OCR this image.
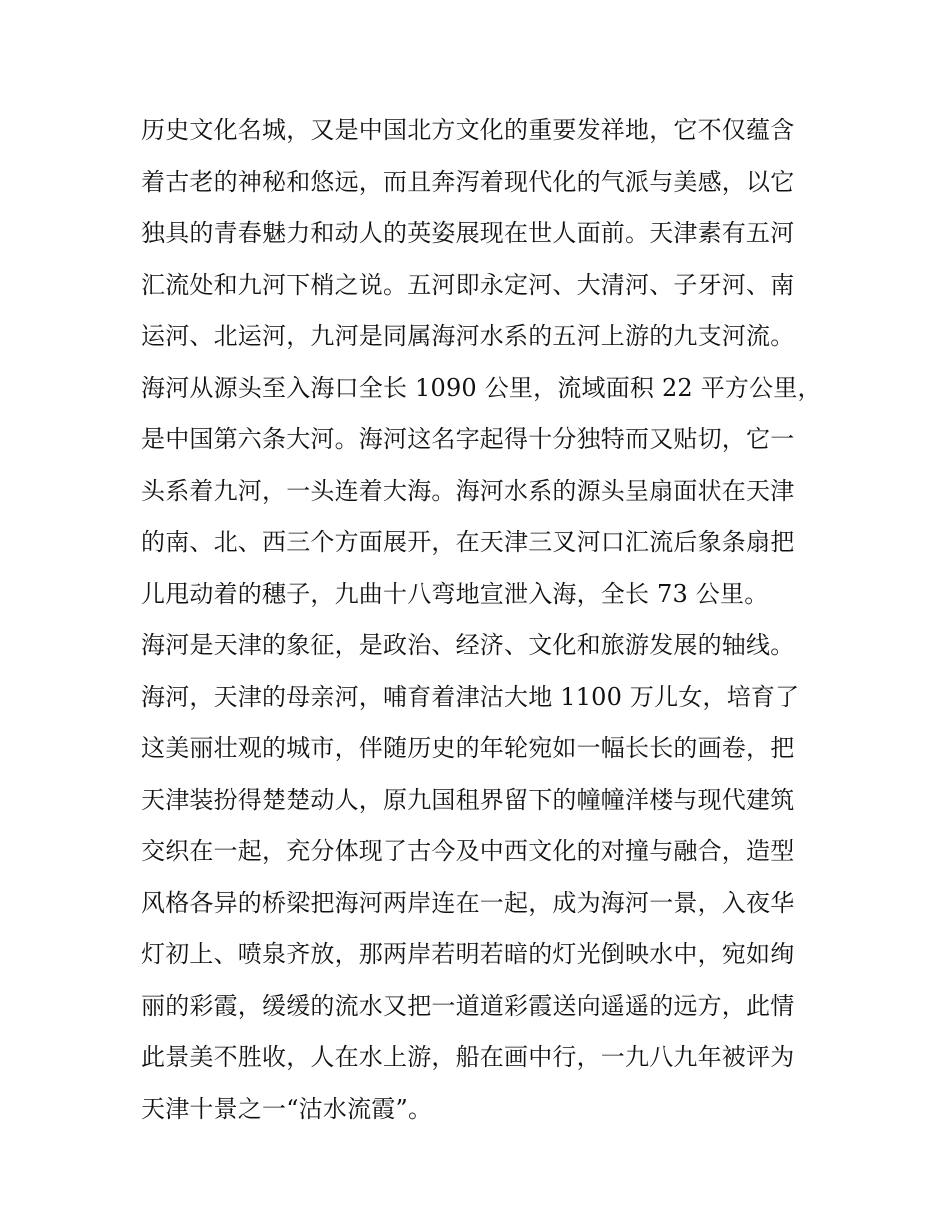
历史文化名城，又是中国北方文化的重要发祥地，它不仅蕴含
着古老的神秘和悠远，而且奔泻着现代化的气派与美感，以它
独具的青春魅力和动人的英姿展现在世人面前。天津素有五河
汇流处和九河下梢之说。五河即永定河、大清河、子牙河、南
运河、北运河，九河是同属海河水系的五河上游的九支河流。
海河从源头至入海口全长 1090 公里，流域面积 22 平方公里，
是中国第六条大河。海河这名字起得十分独特而又贴切，它一
头系着九河，一头连着大海。海河水系的源头呈扇面状在天津
的南、北、西三个方面展开，在天津三叉河口汇流后象条扇把
儿甩动着的穗子，九曲十八弯地宣泄入海，全长 73 公里。
海河是天津的象征，是政治、经济、文化和旅游发展的轴线。
海河，天津的母亲河，哺育着津沽大地 1100 万儿女，培育了
这美丽壮观的城市，伴随历史的年轮宛如一幅长长的画卷，把
天津装扮得楚楚动人，原九国租界留下的幢幢洋楼与现代建筑
交织在一起，充分体现了古今及中西文化的对撞与融合，造型
风格各异的桥梁把海河两岸连在一起，成为海河一景，入夜华
灯初上、喷泉齐放，那两岸若明若暗的灯光倒映水中，宛如绚
丽的彩霞，缓缓的流水又把一道道彩霞送向遥遥的远方，此情
此景美不胜收，人在水上游，船在画中行，一九八九年被评为
天津十景之一“沽水流霞”。
